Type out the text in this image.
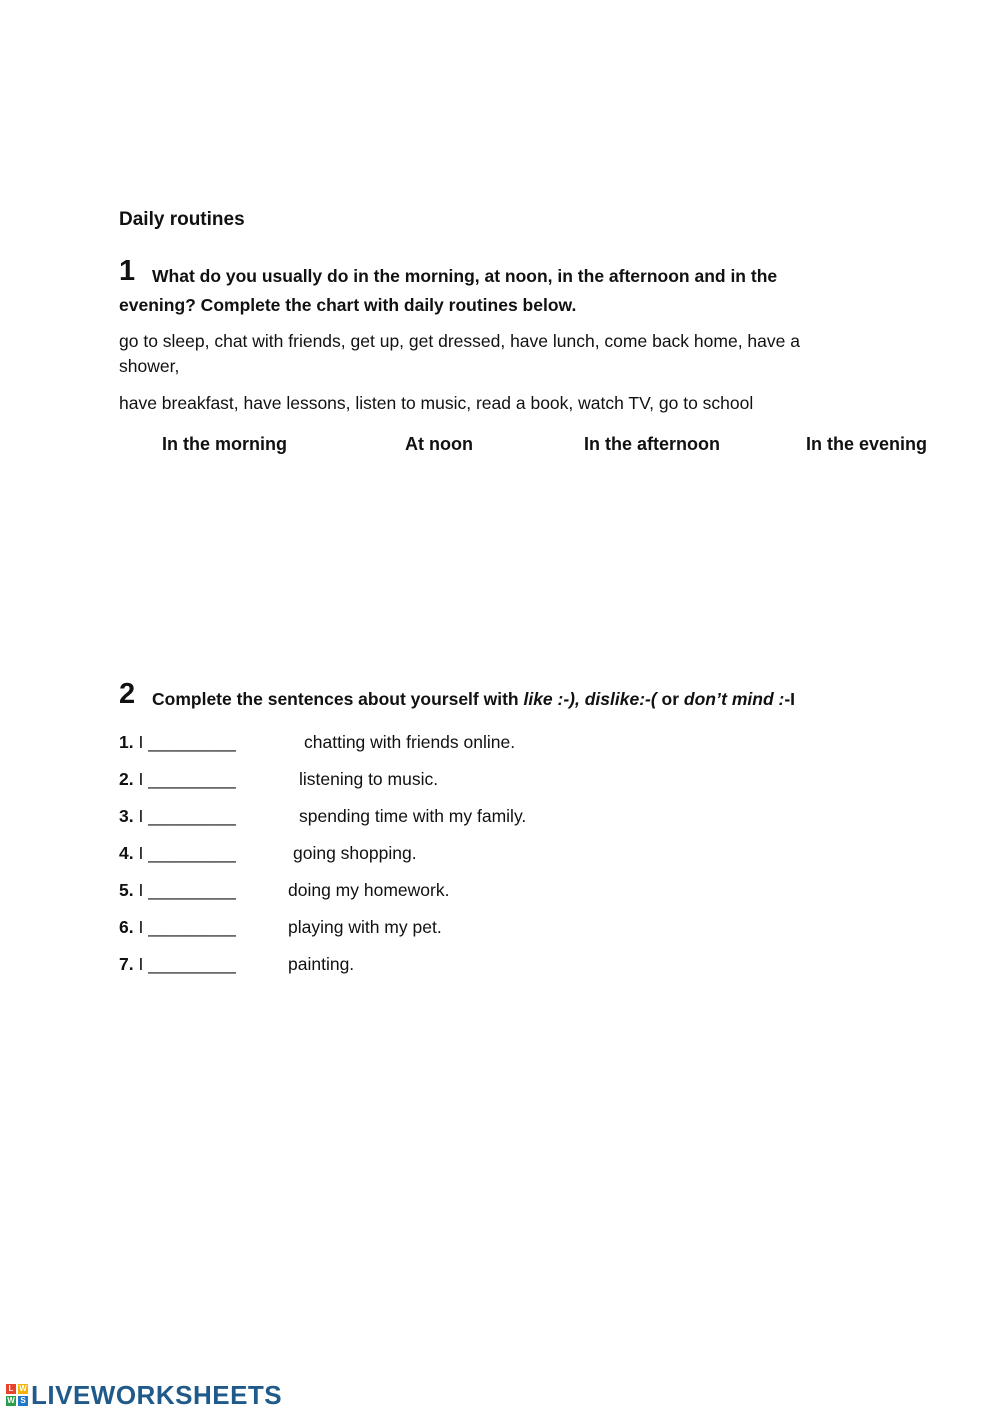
Daily routines
1 What do you usually do in the morning, at noon, in the afternoon and in the
evening? Complete the chart with daily routines below.
go to sleep, chat with friends, get up, get dressed, have lunch, come back home, have a
shower,
have breakfast, have lessons, listen to music, read a book, watch TV, go to school
In the morning	At noon	In the afternoon	In the evening
2 Complete the sentences about yourself with like :-), dislike:-( or don’t mind :-I
1. I _________	chatting with friends online.
2. I _________	listening to music.
3. I _________	spending time with my family.
4. I _________	going shopping.
5. I _________	doing my homework.
6. I _________	playing with my pet.
7. I _________	painting.
L W
W S LIVEWORKSHEETS
